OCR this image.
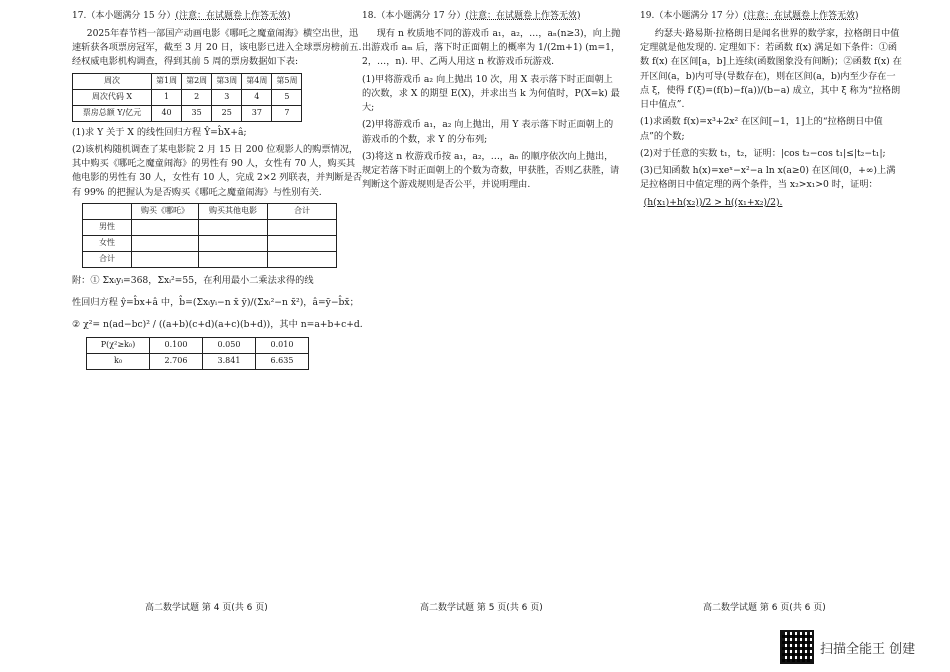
17.（本小题满分 15 分）(注意：在试题卷上作答无效)

2025年春节档一部国产动画电影《哪吒之魔童闹海》横空出世，迅速斩获各项票房冠军，截至 3 月 20 日，该电影已进入全球票房榜前五. 经权威电影机构调查，得到其前 5 周的票房数据如下表:

周次	第1周	第2周	第3周	第4周	第5周
周次代码 X	1	2	3	4	5
票房总额 Y/亿元	40	35	25	37	7

(1)求 Y 关于 X 的线性回归方程 Ŷ=b̂X+â;

(2)该机构随机调查了某电影院 2 月 15 日 200 位观影人的购票情况，其中购买《哪吒之魔童闹海》的男性有 90 人，女性有 70 人，购买其他电影的男性有 30 人，女性有 10 人，完成 2×2 列联表，并判断是否有 99% 的把握认为是否购买《哪吒之魔童闹海》与性别有关.

	购买《哪吒》	购买其他电影	合计
男性			
女性			
合计			

附：① Σxᵢyᵢ=368，Σxᵢ²=55，在利用最小二乘法求得的线

性回归方程 ŷ=b̂x+â 中，b̂=(Σxᵢyᵢ−n x̄ ȳ)/(Σxᵢ²−n x̄²)，â=ȳ−b̂x̄；

② χ²= n(ad−bc)² / ((a+b)(c+d)(a+c)(b+d))，其中 n=a+b+c+d.

P(χ²≥k₀)	0.100	0.050	0.010
k₀	2.706	3.841	6.635
18.（本小题满分 17 分）(注意：在试题卷上作答无效)

现有 n 枚质地不同的游戏币 a₁，a₂，…，aₙ(n≥3)，向上抛出游戏币 aₘ 后，落下时正面朝上的概率为 1/(2m+1) (m=1，2，…，n). 甲、乙两人用这 n 枚游戏币玩游戏.

(1)甲将游戏币 a₂ 向上抛出 10 次，用 X 表示落下时正面朝上的次数，求 X 的期望 E(X)，并求出当 k 为何值时，P(X=k) 最大;

(2)甲将游戏币 a₁，a₂ 向上抛出，用 Y 表示落下时正面朝上的游戏币的个数，求 Y 的分布列;

(3)将这 n 枚游戏币按 a₁，a₂，…，aₙ 的顺序依次向上抛出，规定若落下时正面朝上的个数为奇数，甲获胜，否则乙获胜，请判断这个游戏规则是否公平，并说明理由.

19.（本小题满分 17 分）(注意：在试题卷上作答无效)

约瑟夫·路易斯·拉格朗日是闻名世界的数学家，拉格朗日中值定理就是他发现的. 定理如下：若函数 f(x) 满足如下条件：①函数 f(x) 在区间[a，b]上连续(函数图象没有间断)；②函数 f(x) 在开区间(a，b)内可导(导数存在)，则在区间(a，b)内至少存在一点 ξ，使得 f′(ξ)=(f(b)−f(a))/(b−a) 成立，其中 ξ 称为“拉格朗日中值点”.

(1)求函数 f(x)=x³+2x² 在区间[−1，1]上的“拉格朗日中值点”的个数;

(2)对于任意的实数 t₁，t₂，证明：|cos t₂−cos t₁|≤|t₂−t₁|;

(3)已知函数 h(x)=xeˣ−x²−a ln x(a≥0) 在区间(0，+∞)上满足拉格朗日中值定理的两个条件，当 x₂>x₁>0 时，证明：

(h(x₁)+h(x₂))/2 > h((x₁+x₂)/2).

高二数学试题 第 4 页(共 6 页)	高二数学试题 第 5 页(共 6 页)	高二数学试题 第 6 页(共 6 页)
扫描全能王 创建
